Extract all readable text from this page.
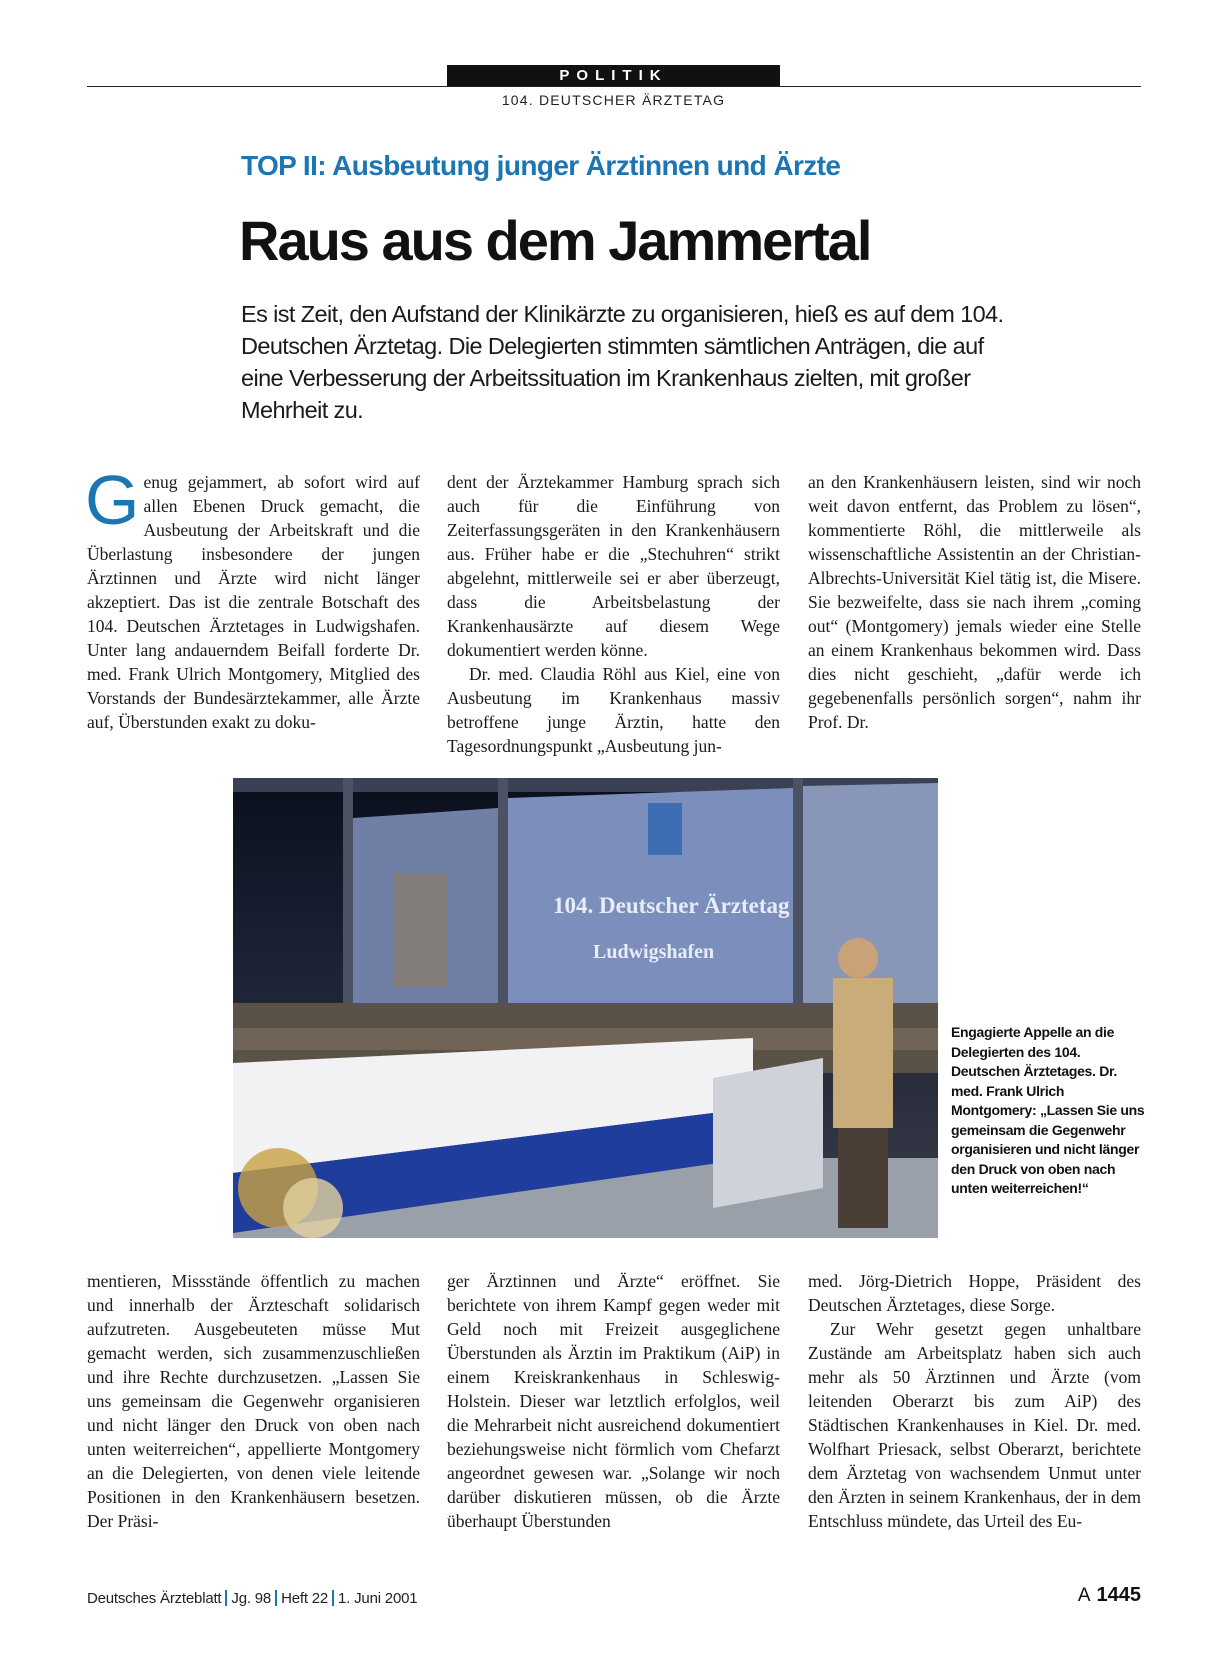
POLITIK
104. DEUTSCHER ÄRZTETAG
TOP II: Ausbeutung junger Ärztinnen und Ärzte
Raus aus dem Jammertal
Es ist Zeit, den Aufstand der Klinikärzte zu organisieren, hieß es auf dem 104. Deutschen Ärztetag. Die Delegierten stimmten sämtlichen Anträgen, die auf eine Verbesserung der Arbeitssituation im Krankenhaus zielten, mit großer Mehrheit zu.

Genug gejammert, ab sofort wird auf allen Ebenen Druck gemacht, die Ausbeutung der Arbeitskraft und die Überlastung insbesondere der jungen Ärztinnen und Ärzte wird nicht länger akzeptiert. Das ist die zentrale Botschaft des 104. Deutschen Ärztetages in Ludwigshafen. Unter lang andauerndem Beifall forderte Dr. med. Frank Ulrich Montgomery, Mitglied des Vorstands der Bundesärztekammer, alle Ärzte auf, Überstunden exakt zu doku-

dent der Ärztekammer Hamburg sprach sich auch für die Einführung von Zeiterfassungsgeräten in den Krankenhäusern aus. Früher habe er die „Stechuhren“ strikt abgelehnt, mittlerweile sei er aber überzeugt, dass die Arbeitsbelastung der Krankenhausärzte auf diesem Wege dokumentiert werden könne.

Dr. med. Claudia Röhl aus Kiel, eine von Ausbeutung im Krankenhaus massiv betroffene junge Ärztin, hatte den Tagesordnungspunkt „Ausbeutung jun-

an den Krankenhäusern leisten, sind wir noch weit davon entfernt, das Problem zu lösen“, kommentierte Röhl, die mittlerweile als wissenschaftliche Assistentin an der Christian-Albrechts-Universität Kiel tätig ist, die Misere. Sie bezweifelte, dass sie nach ihrem „coming out“ (Montgomery) jemals wieder eine Stelle an einem Krankenhaus bekommen wird. Dass dies nicht geschieht, „dafür werde ich gegebenenfalls persönlich sorgen“, nahm ihr Prof. Dr.

104. Deutscher Ärztetag
Ludwigshafen
Engagierte Appelle an die Delegierten des 104. Deutschen Ärztetages. Dr. med. Frank Ulrich Montgomery: „Lassen Sie uns gemeinsam die Gegenwehr organisieren und nicht länger den Druck von oben nach unten weiterreichen!“

mentieren, Missstände öffentlich zu machen und innerhalb der Ärzteschaft solidarisch aufzutreten. Ausgebeuteten müsse Mut gemacht werden, sich zusammenzuschließen und ihre Rechte durchzusetzen. „Lassen Sie uns gemeinsam die Gegenwehr organisieren und nicht länger den Druck von oben nach unten weiterreichen“, appellierte Montgomery an die Delegierten, von denen viele leitende Positionen in den Krankenhäusern besetzen. Der Präsi-

ger Ärztinnen und Ärzte“ eröffnet. Sie berichtete von ihrem Kampf gegen weder mit Geld noch mit Freizeit ausgeglichene Überstunden als Ärztin im Praktikum (AiP) in einem Kreiskrankenhaus in Schleswig-Holstein. Dieser war letztlich erfolglos, weil die Mehrarbeit nicht ausreichend dokumentiert beziehungsweise nicht förmlich vom Chefarzt angeordnet gewesen war. „Solange wir noch darüber diskutieren müssen, ob die Ärzte überhaupt Überstunden

med. Jörg-Dietrich Hoppe, Präsident des Deutschen Ärztetages, diese Sorge.

Zur Wehr gesetzt gegen unhaltbare Zustände am Arbeitsplatz haben sich auch mehr als 50 Ärztinnen und Ärzte (vom leitenden Oberarzt bis zum AiP) des Städtischen Krankenhauses in Kiel. Dr. med. Wolfhart Priesack, selbst Oberarzt, berichtete dem Ärztetag von wachsendem Unmut unter den Ärzten in seinem Krankenhaus, der in dem Entschluss mündete, das Urteil des Eu-

Deutsches Ärzteblatt Jg. 98 Heft 22 1. Juni 2001	A 1445
